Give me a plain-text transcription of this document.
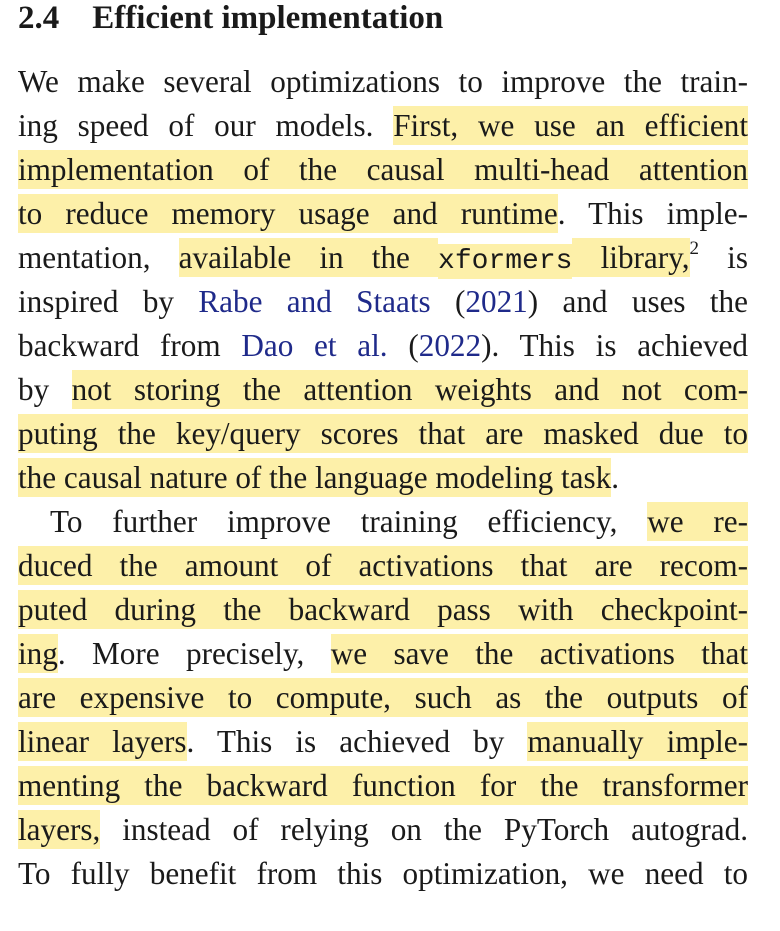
2.4 Efficient implementation
We make several optimizations to improve the train-
ing speed of our models. First, we use an efficient
implementation of the causal multi-head attention
to reduce memory usage and runtime. This imple-
mentation, available in the xformers library,$^2$ is
inspired by Rabe and Staats (2021) and uses the
backward from Dao et al. (2022). This is achieved
by not storing the attention weights and not com-
puting the key/query scores that are masked due to
the causal nature of the language modeling task.
To further improve training efficiency, we re-
duced the amount of activations that are recom-
puted during the backward pass with checkpoint-
ing. More precisely, we save the activations that
are expensive to compute, such as the outputs of
linear layers. This is achieved by manually imple-
menting the backward function for the transformer
layers, instead of relying on the PyTorch autograd.
To fully benefit from this optimization, we need to
